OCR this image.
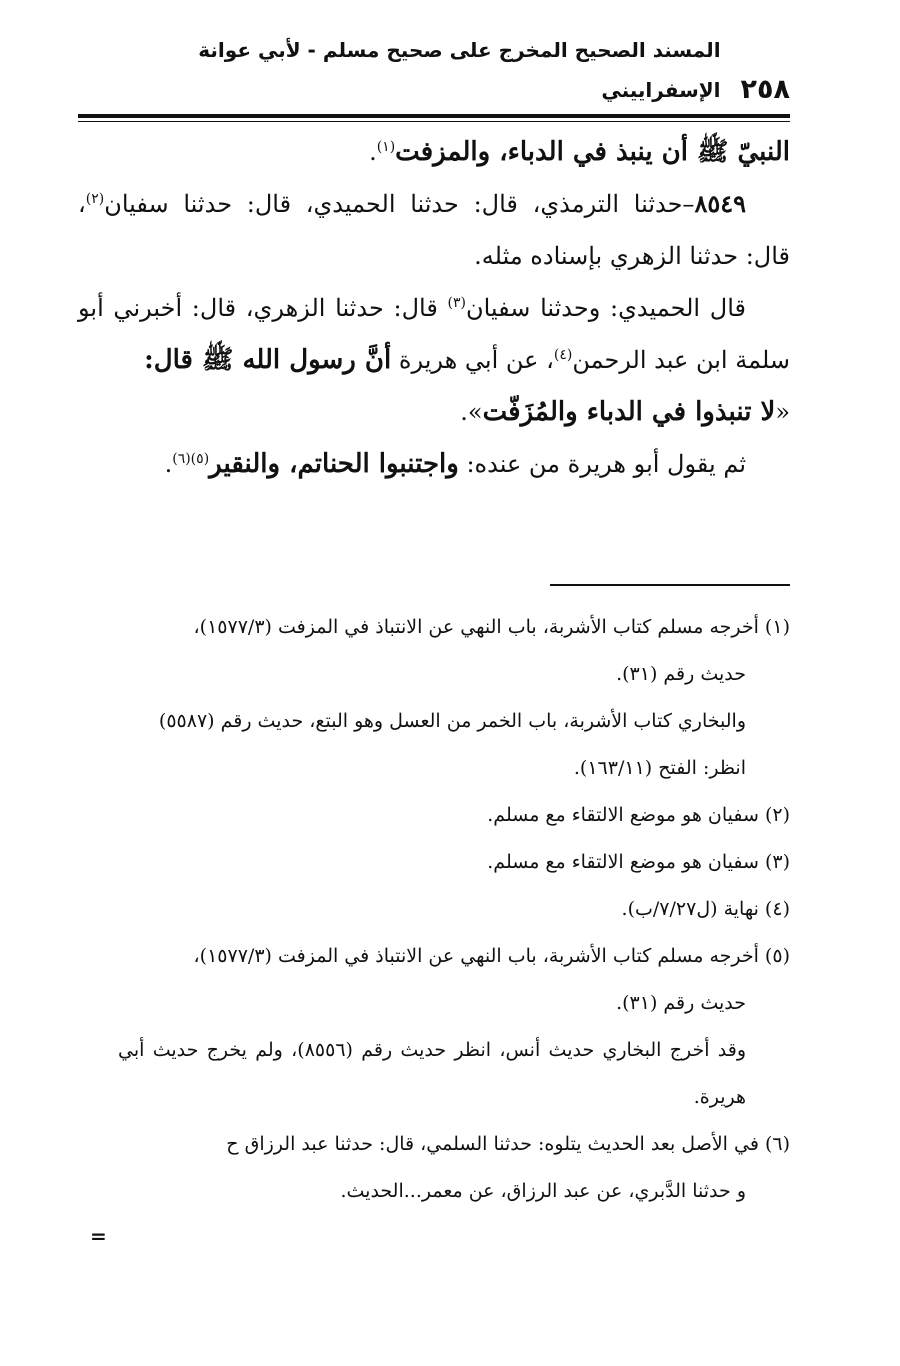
٢٥٨
المسند الصحيح المخرج على صحيح مسلم - لأبي عوانة الإسفراييني

النبيّ ﷺ أن ينبذ في الدباء، والمزفت$^{(١)}$.

٨٥٤٩–حدثنا الترمذي، قال: حدثنا الحميدي، قال: حدثنا سفيان$^{(٢)}$، قال: حدثنا الزهري بإسناده مثله.

قال الحميدي: وحدثنا سفيان$^{(٣)}$ قال: حدثنا الزهري، قال: أخبرني أبو سلمة ابن عبد الرحمن$^{(٤)}$، عن أبي هريرة أنَّ رسول الله ﷺ قال:
«لا تنبذوا في الدباء والمُزَفّت».

ثم يقول أبو هريرة من عنده: واجتنبوا الحناتم، والنقير$^{(٥)(٦)}$.

(١) أخرجه مسلم كتاب الأشربة، باب النهي عن الانتباذ في المزفت (١٥٧٧/٣)،

حديث رقم (٣١).

والبخاري كتاب الأشربة، باب الخمر من العسل وهو البتع، حديث رقم (٥٥٨٧)

انظر: الفتح (١٦٣/١١).

(٢) سفيان هو موضع الالتقاء مع مسلم.

(٣) سفيان هو موضع الالتقاء مع مسلم.

(٤) نهاية (ل٧/٢٧/ب).

(٥) أخرجه مسلم كتاب الأشربة، باب النهي عن الانتباذ في المزفت (١٥٧٧/٣)،

حديث رقم (٣١).

وقد أخرج البخاري حديث أنس، انظر حديث رقم (٨٥٥٦)، ولم يخرج حديث أبي هريرة.

(٦) في الأصل بعد الحديث يتلوه: حدثنا السلمي، قال: حدثنا عبد الرزاق ح

و حدثنا الدَّبري، عن عبد الرزاق، عن معمر...الحديث.

=
